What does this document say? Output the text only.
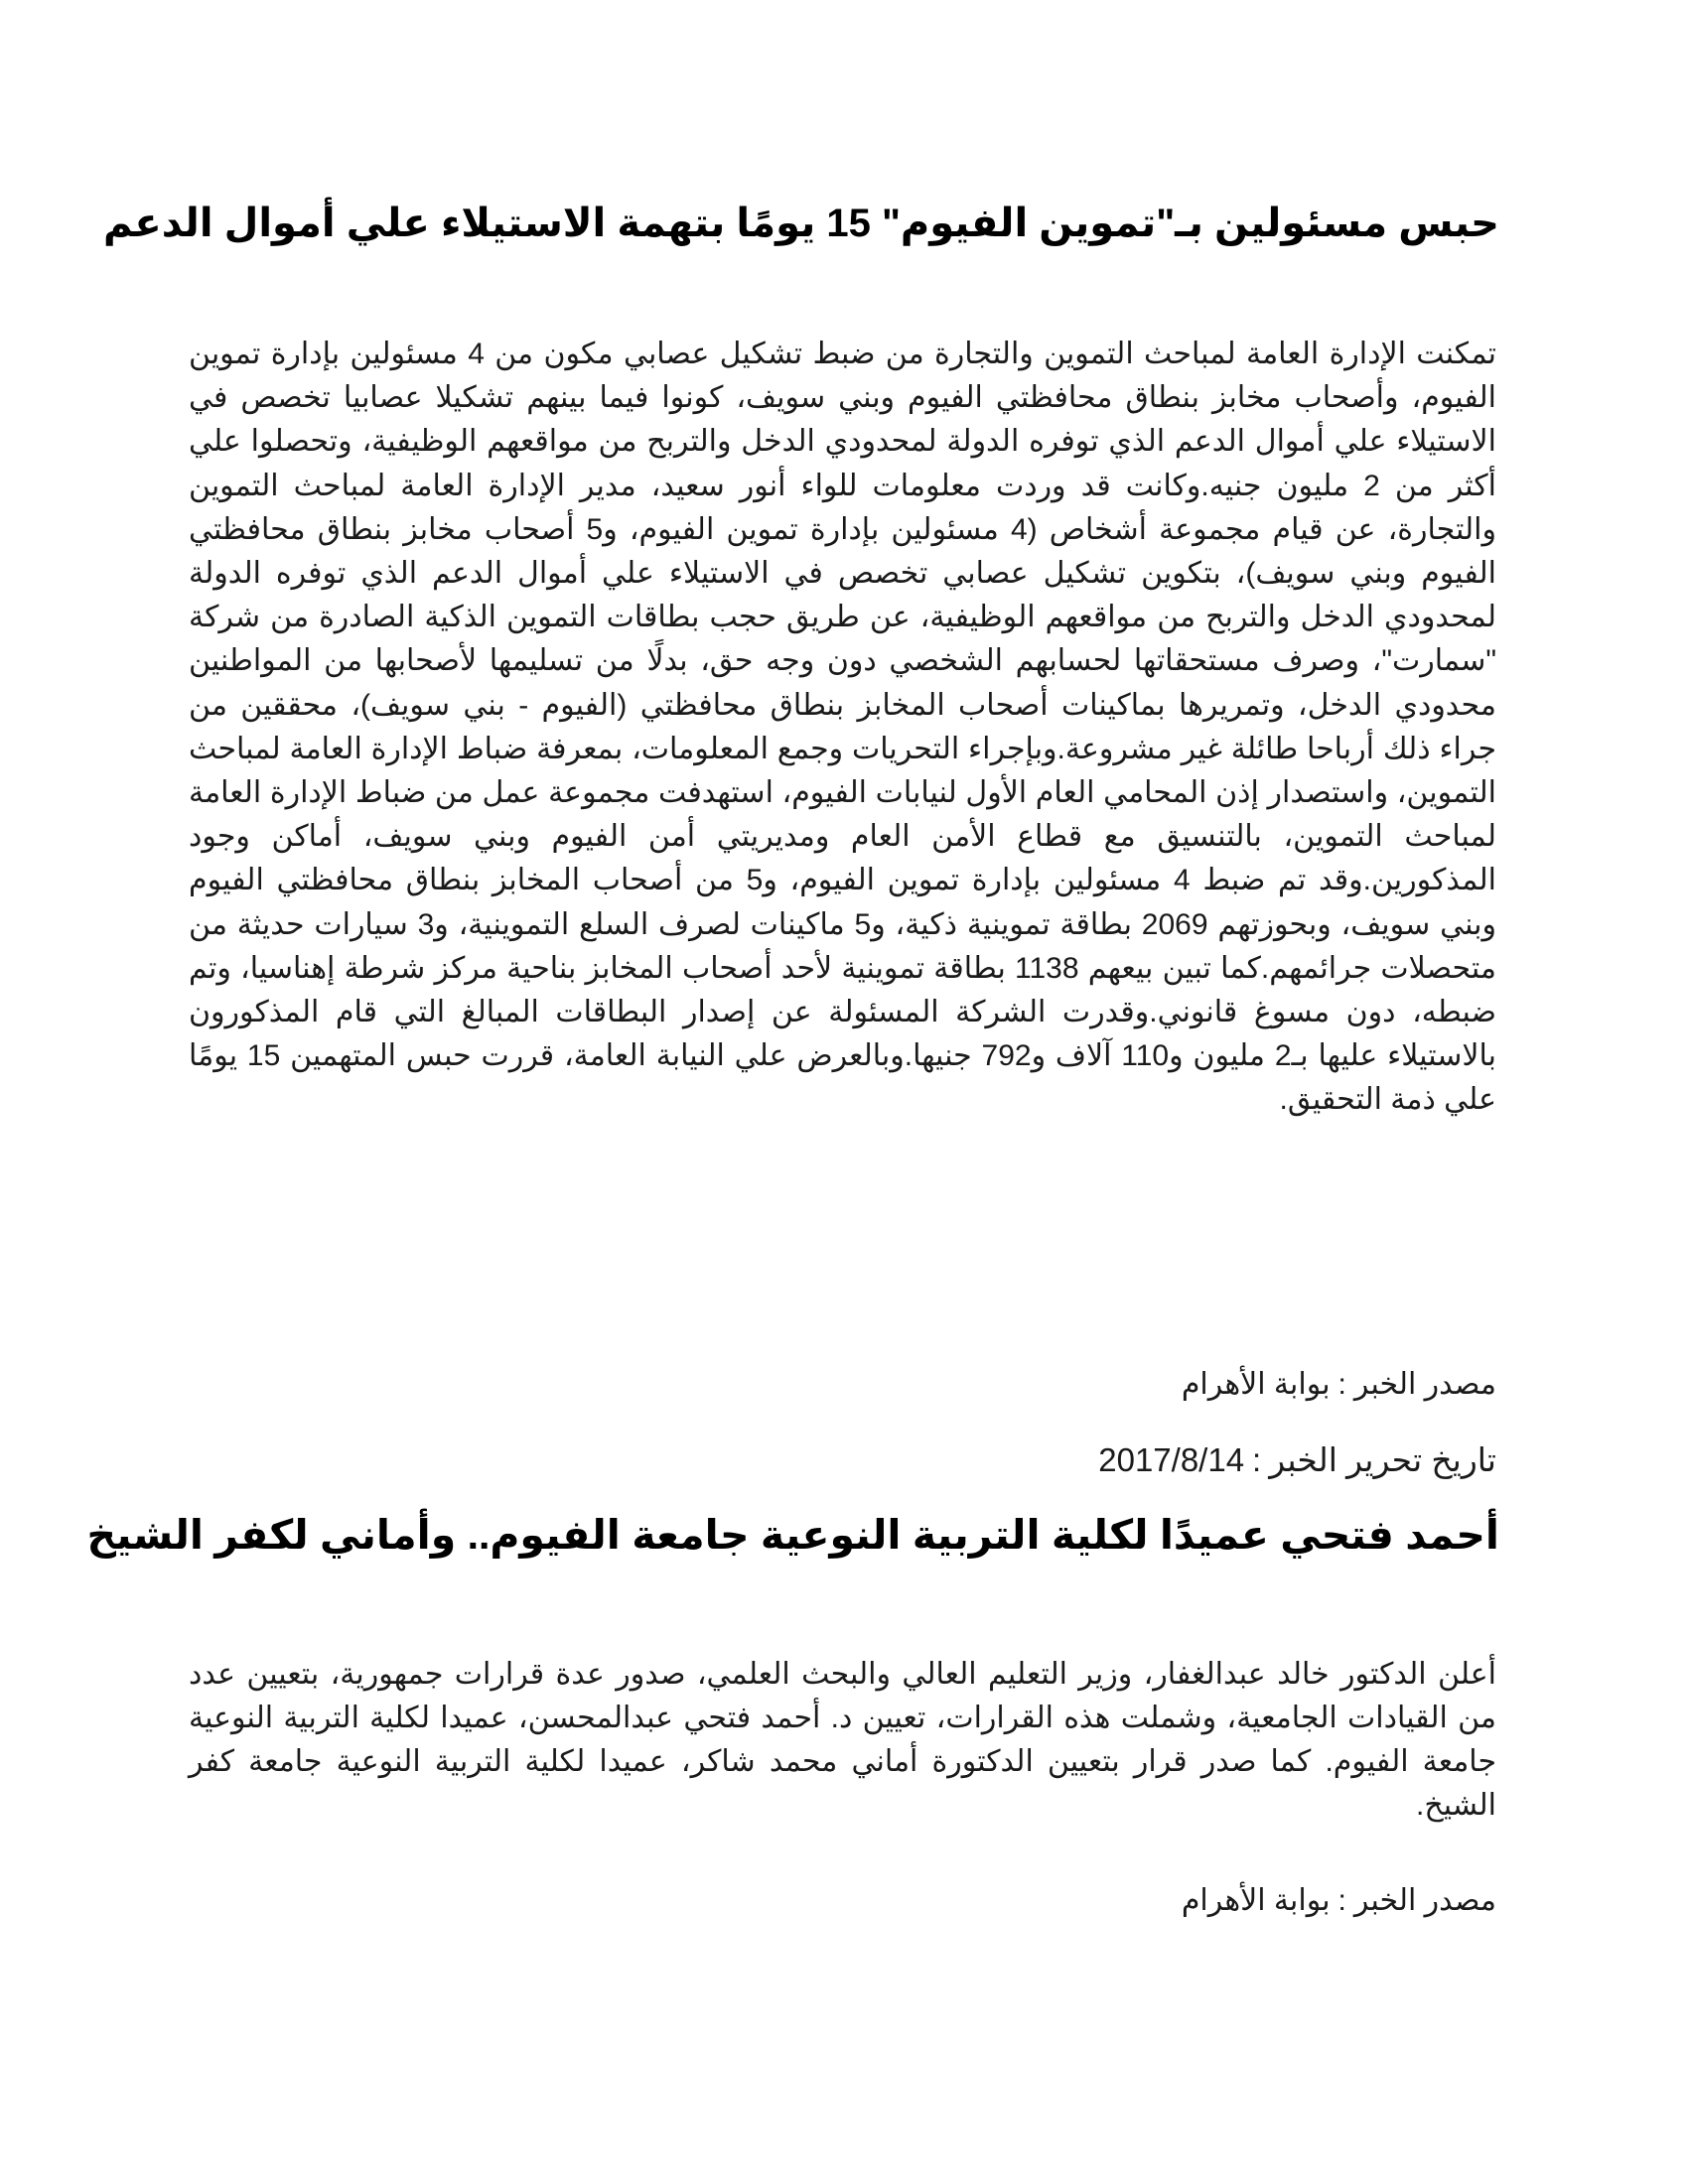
حبس مسئولين بـ"تموين الفيوم" 15 يومًا بتهمة الاستيلاء علي أموال الدعم

تمكنت الإدارة العامة لمباحث التموين والتجارة من ضبط تشكيل عصابي مكون من 4 مسئولين بإدارة تموين الفيوم، وأصحاب مخابز بنطاق محافظتي الفيوم وبني سويف، كونوا فيما بينهم تشكيلا عصابيا تخصص في الاستيلاء علي أموال الدعم الذي توفره الدولة لمحدودي الدخل والتربح من مواقعهم الوظيفية، وتحصلوا علي أكثر من 2 مليون جنيه.وكانت قد وردت معلومات للواء أنور سعيد، مدير الإدارة العامة لمباحث التموين والتجارة، عن قيام مجموعة أشخاص (4 مسئولين بإدارة تموين الفيوم، و5 أصحاب مخابز بنطاق محافظتي الفيوم وبني سويف)، بتكوين تشكيل عصابي تخصص في الاستيلاء علي أموال الدعم الذي توفره الدولة لمحدودي الدخل والتربح من مواقعهم الوظيفية، عن طريق حجب بطاقات التموين الذكية الصادرة من شركة "سمارت"، وصرف مستحقاتها لحسابهم الشخصي دون وجه حق، بدلًا من تسليمها لأصحابها من المواطنين محدودي الدخل، وتمريرها بماكينات أصحاب المخابز بنطاق محافظتي (الفيوم - بني سويف)، محققين من جراء ذلك أرباحا طائلة غير مشروعة.وبإجراء التحريات وجمع المعلومات، بمعرفة ضباط الإدارة العامة لمباحث التموين، واستصدار إذن المحامي العام الأول لنيابات الفيوم، استهدفت مجموعة عمل من ضباط الإدارة العامة لمباحث التموين، بالتنسيق مع قطاع الأمن العام ومديريتي أمن الفيوم وبني سويف، أماكن وجود المذكورين.وقد تم ضبط 4 مسئولين بإدارة تموين الفيوم، و5 من أصحاب المخابز بنطاق محافظتي الفيوم وبني سويف، وبحوزتهم 2069 بطاقة تموينية ذكية، و5 ماكينات لصرف السلع التموينية، و3 سيارات حديثة من متحصلات جرائمهم.كما تبين بيعهم 1138 بطاقة تموينية لأحد أصحاب المخابز بناحية مركز شرطة إهناسيا، وتم ضبطه، دون مسوغ قانوني.وقدرت الشركة المسئولة عن إصدار البطاقات المبالغ التي قام المذكورون بالاستيلاء عليها بـ2 مليون و110 آلاف و792 جنيها.وبالعرض علي النيابة العامة، قررت حبس المتهمين 15 يومًا علي ذمة التحقيق.

مصدر الخبر:بوابة الأهرام

تاريخ تحرير الخبر:2017/8/14

أحمد فتحي عميدًا لكلية التربية النوعية جامعة الفيوم.. وأماني لكفر الشيخ

أعلن الدكتور خالد عبدالغفار، وزير التعليم العالي والبحث العلمي، صدور عدة قرارات جمهورية، بتعيين عدد من القيادات الجامعية، وشملت هذه القرارات، تعيين د. أحمد فتحي عبدالمحسن، عميدا لكلية التربية النوعية جامعة الفيوم. كما صدر قرار بتعيين الدكتورة أماني محمد شاكر، عميدا لكلية التربية النوعية جامعة كفر الشيخ.

مصدر الخبر:بوابة الأهرام
